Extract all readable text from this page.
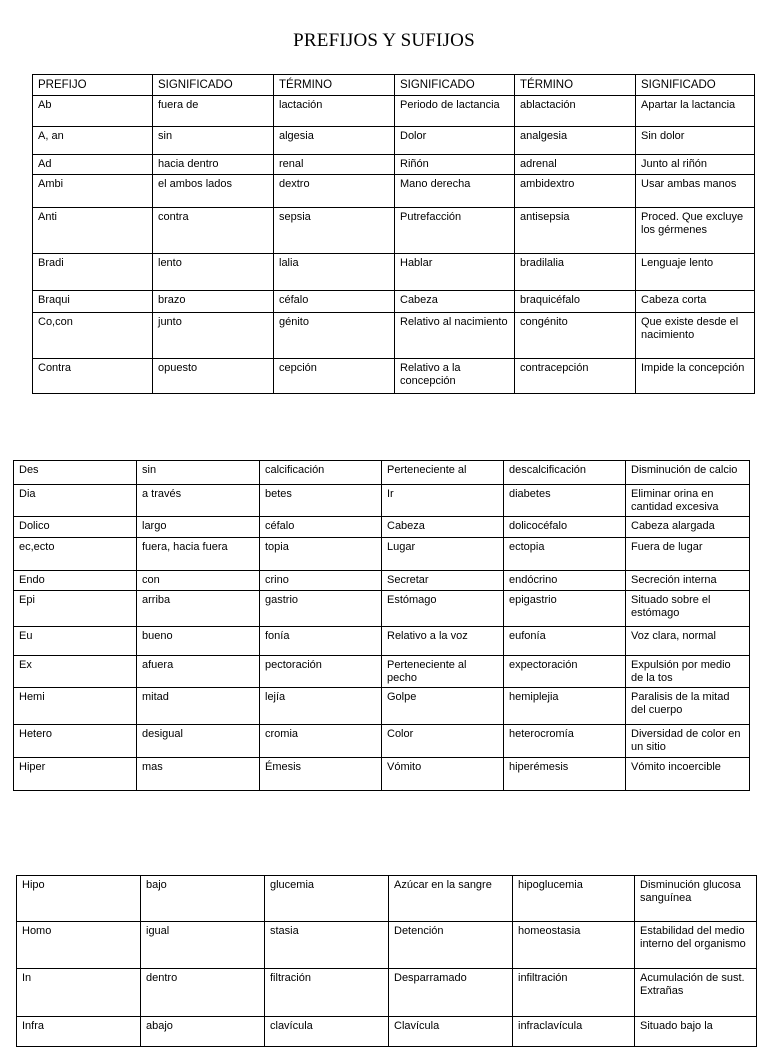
PREFIJOS Y SUFIJOS
PREFIJO	SIGNIFICADO	TÉRMINO	SIGNIFICADO	TÉRMINO	SIGNIFICADO
Ab	fuera de	lactación	Periodo de lactancia	ablactación	Apartar la lactancia
A, an	sin	algesia	Dolor	analgesia	Sin dolor
Ad	hacia dentro	renal	Riñón	adrenal	Junto al riñón
Ambi	el ambos lados	dextro	Mano derecha	ambidextro	Usar ambas manos
Anti	contra	sepsia	Putrefacción	antisepsia	Proced. Que excluye los gérmenes
Bradi	lento	lalia	Hablar	bradilalia	Lenguaje lento
Braqui	brazo	céfalo	Cabeza	braquicéfalo	Cabeza corta
Co,con	junto	génito	Relativo al nacimiento	congénito	Que existe desde el nacimiento
Contra	opuesto	cepción	Relativo a la concepción	contracepción	Impide la concepción
Des	sin	calcificación	Perteneciente al	descalcificación	Disminución de calcio
Dia	a través	betes	Ir	diabetes	Eliminar orina en cantidad excesiva
Dolico	largo	céfalo	Cabeza	dolicocéfalo	Cabeza alargada
ec,ecto	fuera, hacia fuera	topia	Lugar	ectopia	Fuera de lugar
Endo	con	crino	Secretar	endócrino	Secreción interna
Epi	arriba	gastrio	Estómago	epigastrio	Situado sobre el estómago
Eu	bueno	fonía	Relativo a la voz	eufonía	Voz clara, normal
Ex	afuera	pectoración	Perteneciente al pecho	expectoración	Expulsión por medio de la tos
Hemi	mitad	lejía	Golpe	hemiplejia	Paralisis de la mitad del cuerpo
Hetero	desigual	cromia	Color	heterocromía	Diversidad de color en un sitio
Hiper	mas	Émesis	Vómito	hiperémesis	Vómito incoercible
Hipo	bajo	glucemia	Azúcar en la sangre	hipoglucemia	Disminución glucosa sanguínea
Homo	igual	stasia	Detención	homeostasia	Estabilidad del medio interno del organismo
In	dentro	filtración	Desparramado	infiltración	Acumulación de sust. Extrañas
Infra	abajo	clavícula	Clavícula	infraclavícula	Situado bajo la
